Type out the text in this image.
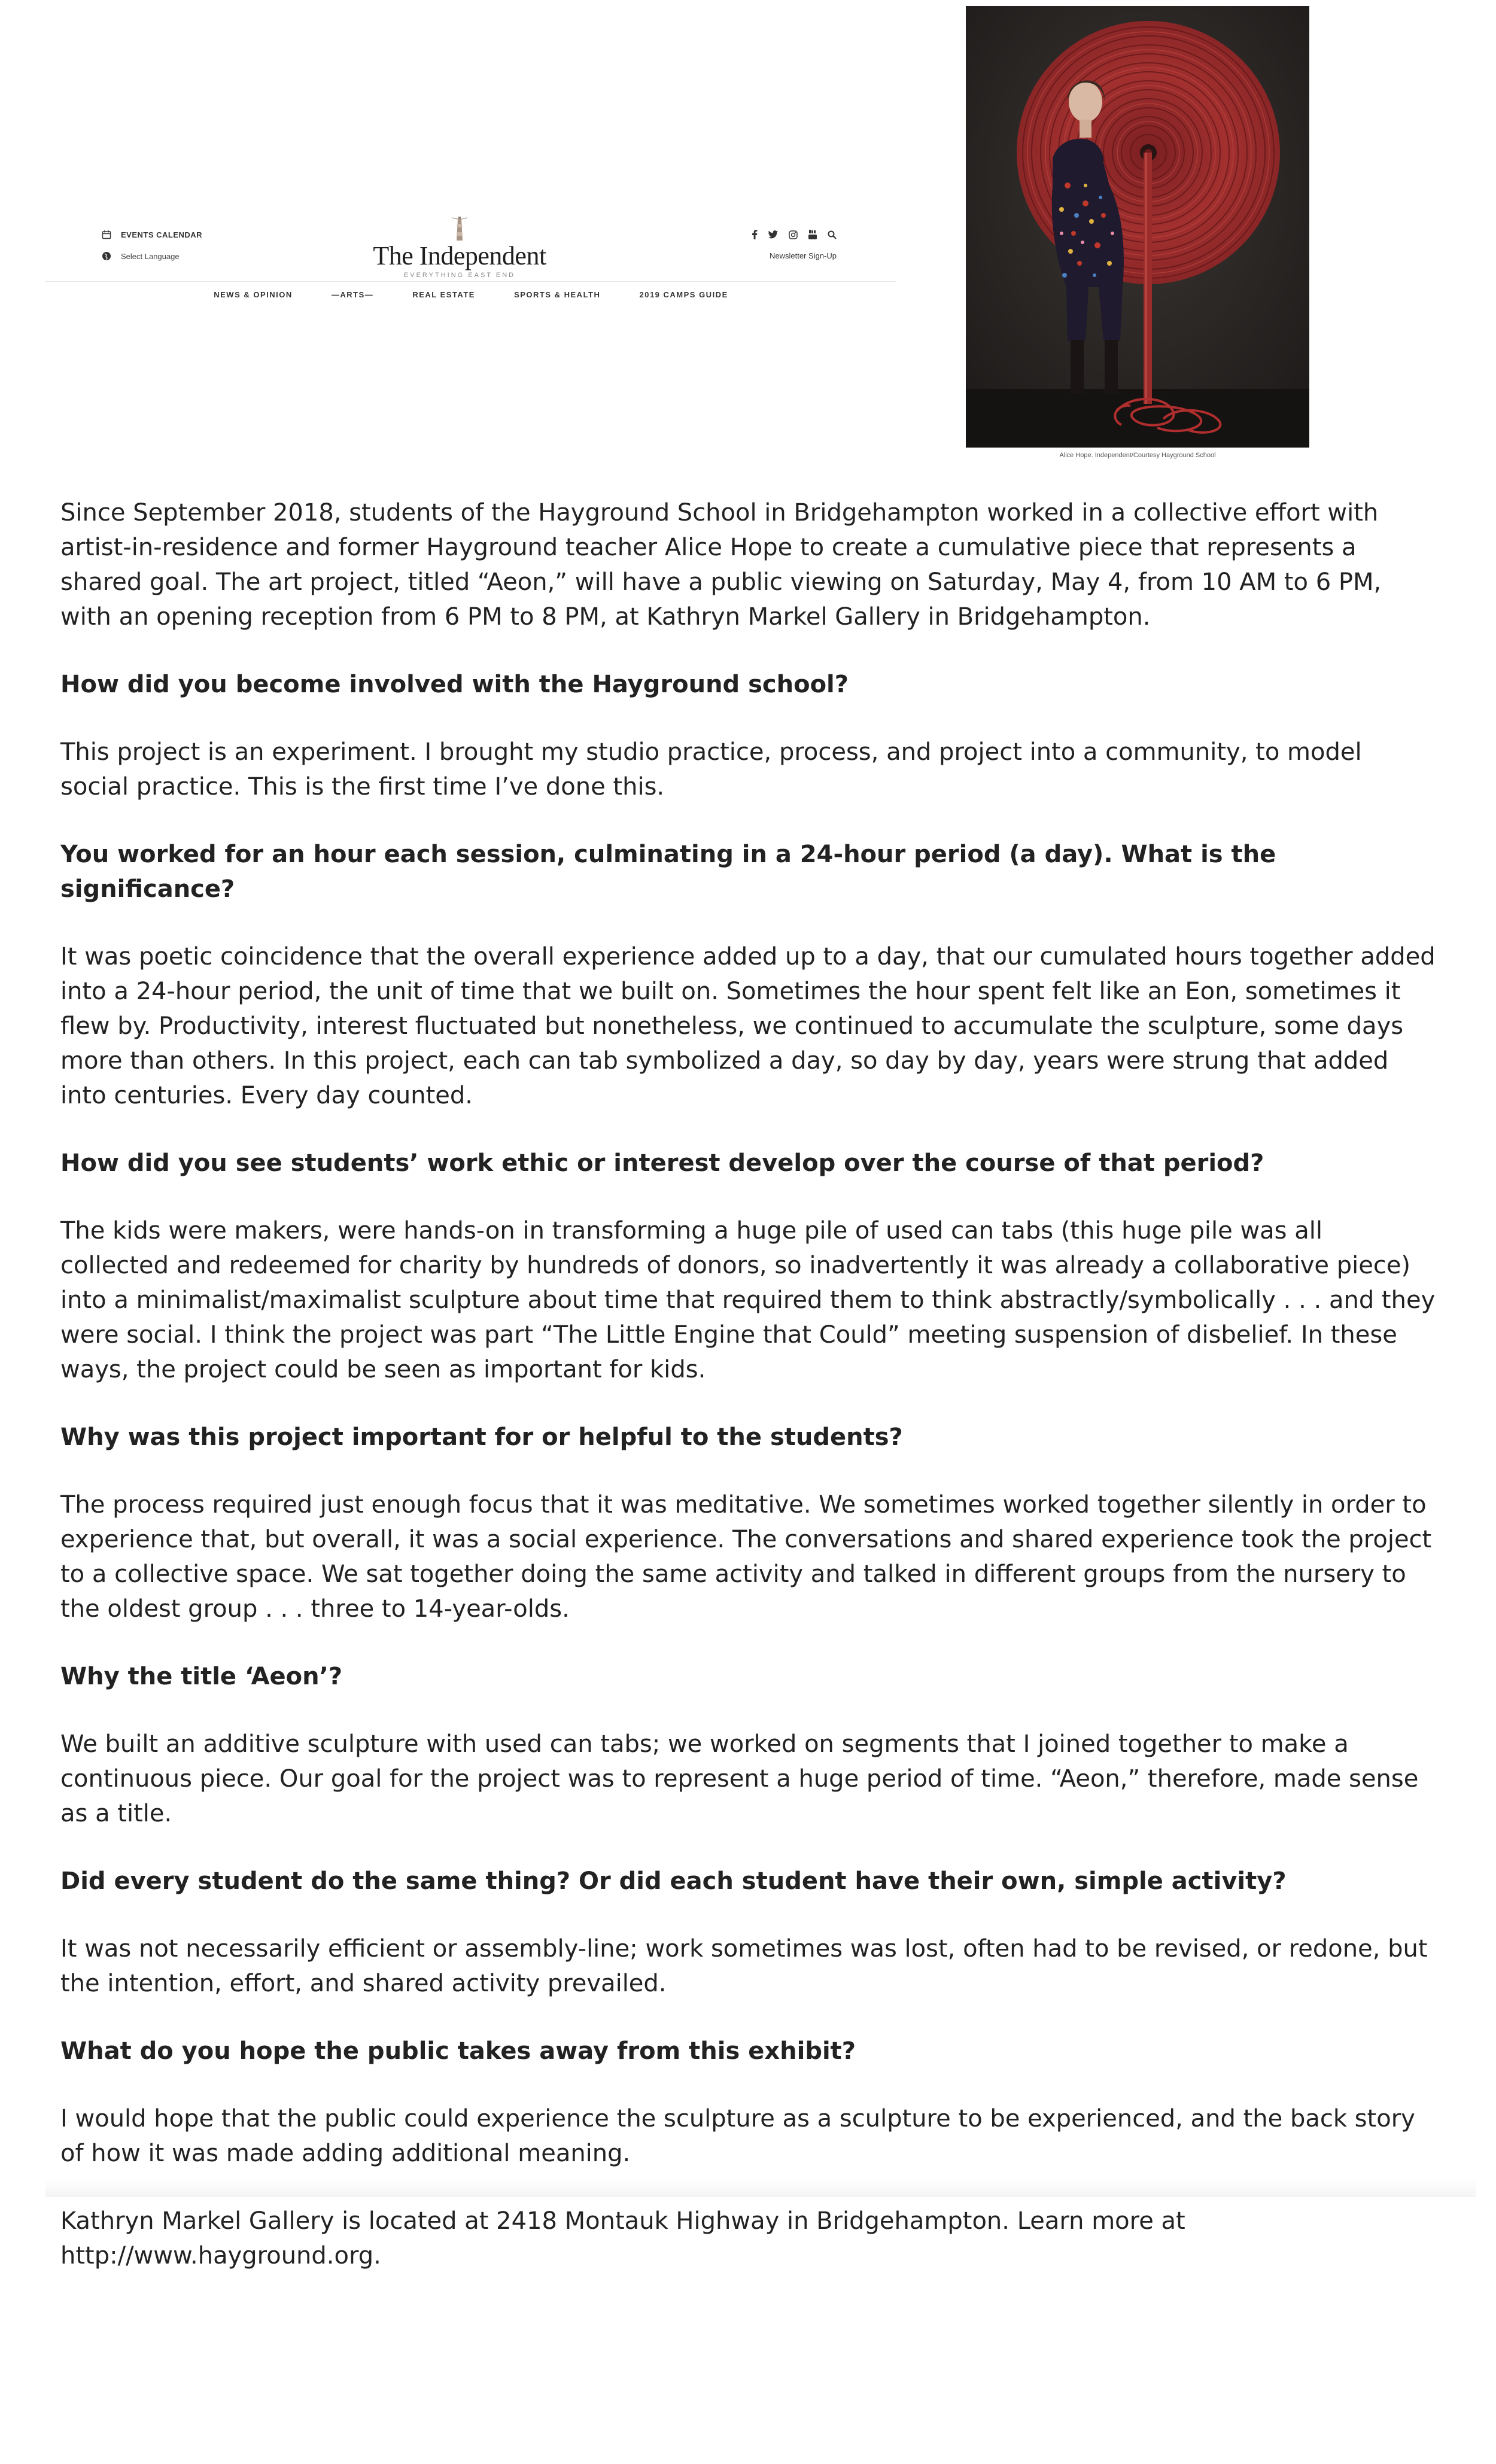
EVENTS CALENDAR
Select Language	The Independent
EVERYTHING EAST END
Newsletter Sign-Up
NEWS & OPINION	—ARTS—	REAL ESTATE	SPORTS & HEALTH	2019 CAMPS GUIDE
Alice Hope. Independent/Courtesy Hayground School

Since September 2018, students of the Hayground School in Bridgehampton worked in a collective effort with artist-in-residence and former Hayground teacher Alice Hope to create a cumulative piece that represents a shared goal. The art project, titled “Aeon,” will have a public viewing on Saturday, May 4, from 10 AM to 6 PM, with an opening reception from 6 PM to 8 PM, at Kathryn Markel Gallery in Bridgehampton.

How did you become involved with the Hayground school?

This project is an experiment. I brought my studio practice, process, and project into a community, to model social practice. This is the first time I’ve done this.

You worked for an hour each session, culminating in a 24-hour period (a day). What is the significance?

It was poetic coincidence that the overall experience added up to a day, that our cumulated hours together added into a 24-hour period, the unit of time that we built on. Sometimes the hour spent felt like an Eon, sometimes it flew by. Productivity, interest fluctuated but nonetheless, we continued to accumulate the sculpture, some days more than others. In this project, each can tab symbolized a day, so day by day, years were strung that added into centuries. Every day counted.

How did you see students’ work ethic or interest develop over the course of that period?

The kids were makers, were hands-on in transforming a huge pile of used can tabs (this huge pile was all collected and redeemed for charity by hundreds of donors, so inadvertently it was already a collaborative piece) into a minimalist/maximalist sculpture about time that required them to think abstractly/symbolically . . . and they were social. I think the project was part “The Little Engine that Could” meeting suspension of disbelief. In these ways, the project could be seen as important for kids.

Why was this project important for or helpful to the students?

The process required just enough focus that it was meditative. We sometimes worked together silently in order to experience that, but overall, it was a social experience. The conversations and shared experience took the project to a collective space. We sat together doing the same activity and talked in different groups from the nursery to the oldest group . . . three to 14-year-olds.

Why the title ‘Aeon’?

We built an additive sculpture with used can tabs; we worked on segments that I joined together to make a continuous piece. Our goal for the project was to represent a huge period of time. “Aeon,” therefore, made sense as a title.

Did every student do the same thing? Or did each student have their own, simple activity?

It was not necessarily efficient or assembly-line; work sometimes was lost, often had to be revised, or redone, but the intention, effort, and shared activity prevailed.

What do you hope the public takes away from this exhibit?

I would hope that the public could experience the sculpture as a sculpture to be experienced, and the back story of how it was made adding additional meaning.

Kathryn Markel Gallery is located at 2418 Montauk Highway in Bridgehampton. Learn more at http://www.hayground.org.
